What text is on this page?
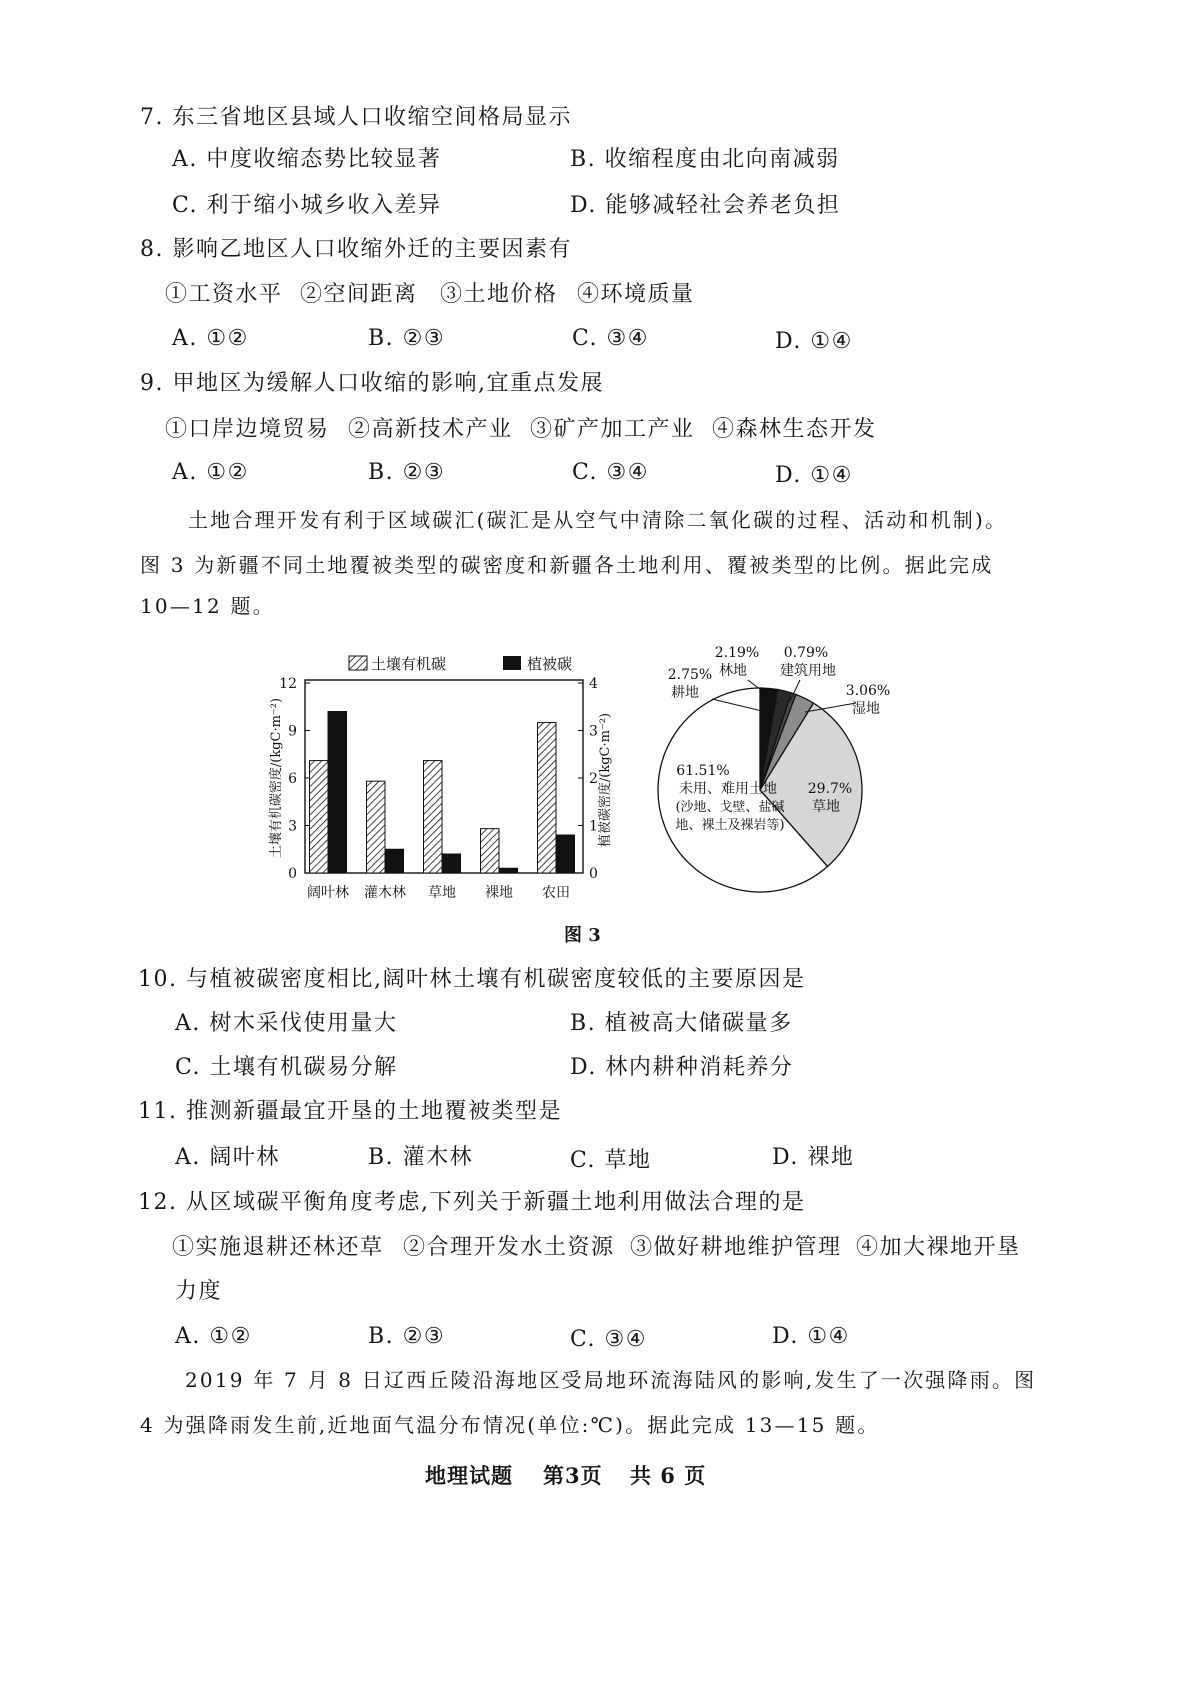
7. 东三省地区县域人口收缩空间格局显示
A. 中度收缩态势比较显著	B. 收缩程度由北向南减弱
C. 利于缩小城乡收入差异	D. 能够减轻社会养老负担
8. 影响乙地区人口收缩外迁的主要因素有
①工资水平 ②空间距离 ③土地价格 ④环境质量
A. ①②	B. ②③	C. ③④	D. ①④
9. 甲地区为缓解人口收缩的影响,宜重点发展
①口岸边境贸易 ②高新技术产业 ③矿产加工产业 ④森林生态开发
A. ①②	B. ②③	C. ③④	D. ①④
土地合理开发有利于区域碳汇(碳汇是从空气中清除二氧化碳的过程、活动和机制)。
图 3 为新疆不同土地覆被类型的碳密度和新疆各土地利用、覆被类型的比例。据此完成
10—12 题。
土壤有机碳	植被碳
阔叶林 灌木林 草地 裸地 农田
0
3
6
9
12
0
1
2
3
4
土壤有机碳密度/(kgC·m⁻²)	植被碳密度/(kgC·m⁻²)
2.19%
林地
0.79%
建筑用地
2.75%
耕地	3.06%
湿地
29.7%
草地
61.51%
未用、难用土地
(沙地、戈壁、盐碱
地、裸土及裸岩等)
图 3
10. 与植被碳密度相比,阔叶林土壤有机碳密度较低的主要原因是
A. 树木采伐使用量大	B. 植被高大储碳量多
C. 土壤有机碳易分解	D. 林内耕种消耗养分
11. 推测新疆最宜开垦的土地覆被类型是
A. 阔叶林	B. 灌木林	C. 草地	D. 裸地
12. 从区域碳平衡角度考虑,下列关于新疆土地利用做法合理的是
①实施退耕还林还草 ②合理开发水土资源 ③做好耕地维护管理 ④加大裸地开垦
力度
A. ①②	B. ②③	C. ③④	D. ①④
2019 年 7 月 8 日辽西丘陵沿海地区受局地环流海陆风的影响,发生了一次强降雨。图
4 为强降雨发生前,近地面气温分布情况(单位:℃)。据此完成 13—15 题。
地理试题 第3页 共 6 页
